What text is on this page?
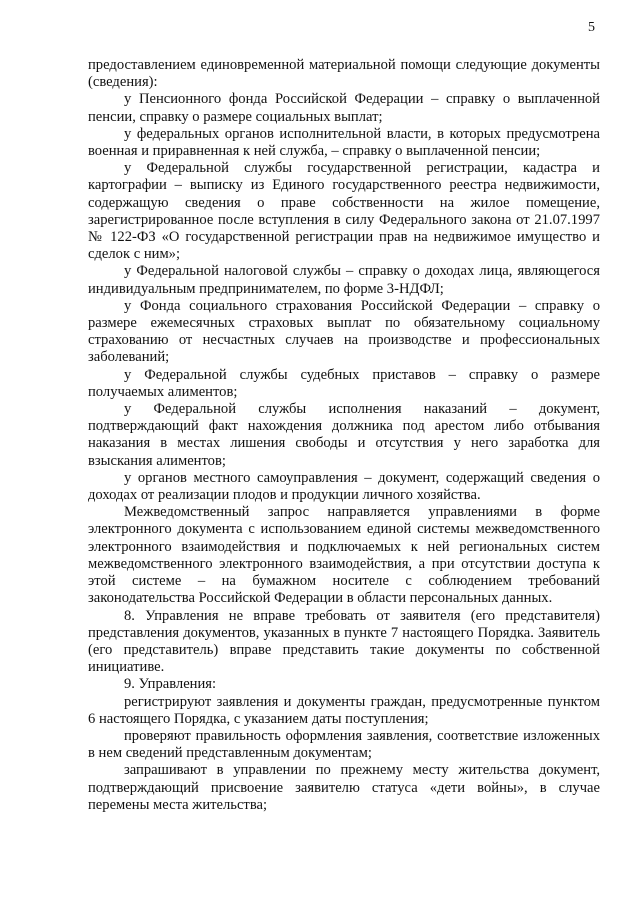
5

предоставлением единовременной материальной помощи следующие документы (сведения):

у Пенсионного фонда Российской Федерации – справку о выплаченной пенсии, справку о размере социальных выплат;

у федеральных органов исполнительной власти, в которых предусмотрена военная и приравненная к ней служба, – справку о выплаченной пенсии;

у Федеральной службы государственной регистрации, кадастра и картографии – выписку из Единого государственного реестра недвижимости, содержащую сведения о праве собственности на жилое помещение, зарегистрированное после вступления в силу Федерального закона от 21.07.1997 № 122-ФЗ «О государственной регистрации прав на недвижимое имущество и сделок с ним»;

у Федеральной налоговой службы – справку о доходах лица, являющегося индивидуальным предпринимателем, по форме 3-НДФЛ;

у Фонда социального страхования Российской Федерации – справку о размере ежемесячных страховых выплат по обязательному социальному страхованию от несчастных случаев на производстве и профессиональных заболеваний;

у Федеральной службы судебных приставов – справку о размере получаемых алиментов;

у Федеральной службы исполнения наказаний – документ, подтверждающий факт нахождения должника под арестом либо отбывания наказания в местах лишения свободы и отсутствия у него заработка для взыскания алиментов;

у органов местного самоуправления – документ, содержащий сведения о доходах от реализации плодов и продукции личного хозяйства.

Межведомственный запрос направляется управлениями в форме электронного документа с использованием единой системы межведомственного электронного взаимодействия и подключаемых к ней региональных систем межведомственного электронного взаимодействия, а при отсутствии доступа к этой системе – на бумажном носителе с соблюдением требований законодательства Российской Федерации в области персональных данных.

8. Управления не вправе требовать от заявителя (его представителя) представления документов, указанных в пункте 7 настоящего Порядка. Заявитель (его представитель) вправе представить такие документы по собственной инициативе.

9. Управления:

регистрируют заявления и документы граждан, предусмотренные пунктом 6 настоящего Порядка, с указанием даты поступления;

проверяют правильность оформления заявления, соответствие изложенных в нем сведений представленным документам;

запрашивают в управлении по прежнему месту жительства документ, подтверждающий присвоение заявителю статуса «дети войны», в случае перемены места жительства;
